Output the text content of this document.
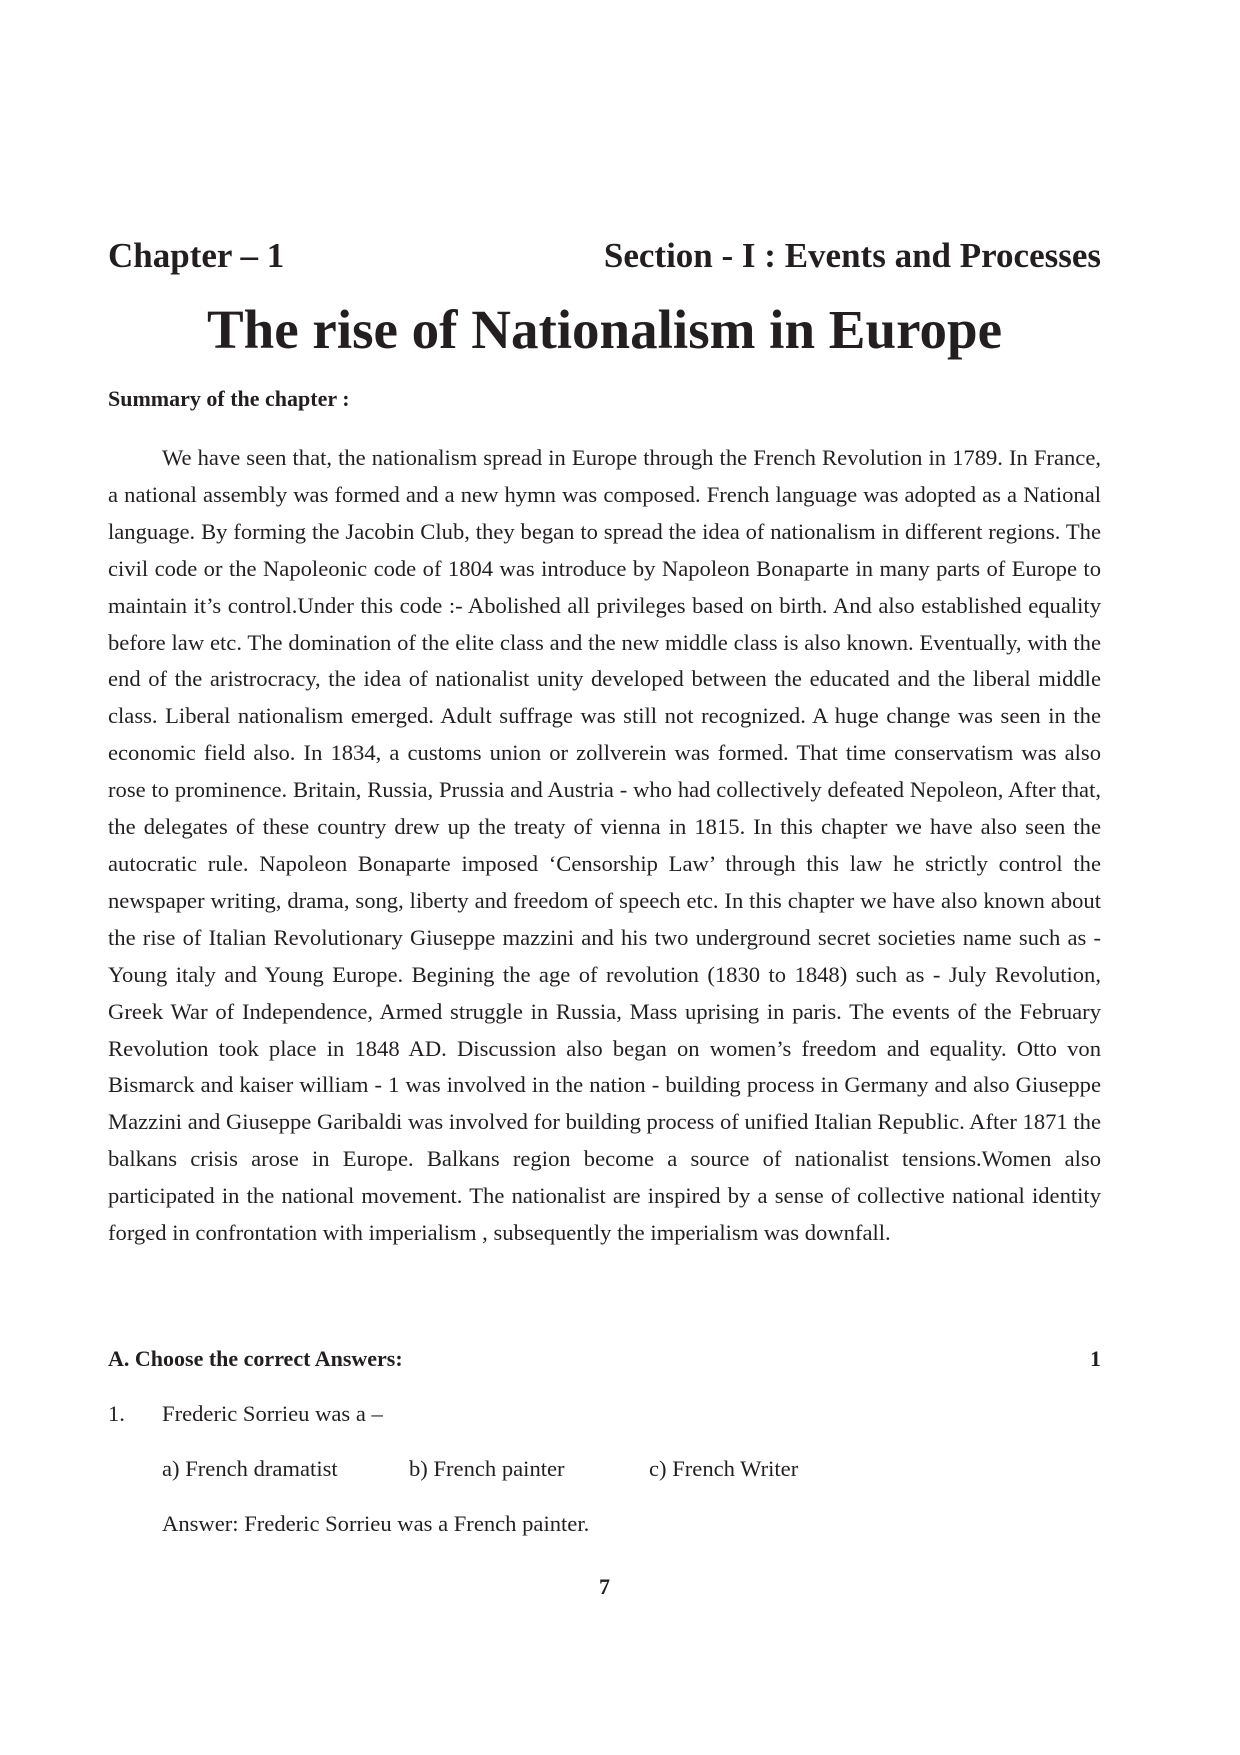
Chapter – 1	Section - I : Events and Processes
The rise of Nationalism in Europe

Summary of the chapter :

We have seen that, the nationalism spread in Europe through the French Revolution in 1789. In France, a national assembly was formed and a new hymn was composed. French language was adopted as a National language. By forming the Jacobin Club, they began to spread the idea of nationalism in different regions. The civil code or the Napoleonic code of 1804 was introduce by Napoleon Bonaparte in many parts of Europe to maintain it’s control.Under this code :- Abolished all privileges based on birth. And also established equality before law etc. The domination of the elite class and the new middle class is also known. Eventually, with the end of the aristrocracy, the idea of nationalist unity developed between the educated and the liberal middle class. Liberal nationalism emerged. Adult suffrage was still not recognized. A huge change was seen in the economic field also. In 1834, a customs union or zollverein was formed. That time conservatism was also rose to prominence. Britain, Russia, Prussia and Austria - who had collectively defeated Nepoleon, After that, the delegates of these country drew up the treaty of vienna in 1815. In this chapter we have also seen the autocratic rule. Napoleon Bonaparte imposed ‘Censorship Law’ through this law he strictly control the newspaper writing, drama, song, liberty and freedom of speech etc. In this chapter we have also known about the rise of Italian Revolutionary Giuseppe mazzini and his two underground secret societies name such as - Young italy and Young Europe. Begining the age of revolution (1830 to 1848) such as - July Revolution, Greek War of Independence, Armed struggle in Russia, Mass uprising in paris. The events of the February Revolution took place in 1848 AD. Discussion also began on women’s freedom and equality. Otto von Bismarck and kaiser william - 1 was involved in the nation - building process in Germany and also Giuseppe Mazzini and Giuseppe Garibaldi was involved for building process of unified Italian Republic. After 1871 the balkans crisis arose in Europe. Balkans region become a source of nationalist tensions.Women also participated in the national movement. The nationalist are inspired by a sense of collective national identity forged in confrontation with imperialism , subsequently the imperialism was downfall.

A. Choose the correct Answers:	1
1.	Frederic Sorrieu was a –
a) French dramatist	b) French painter	c) French Writer
Answer: Frederic Sorrieu was a French painter.
7
